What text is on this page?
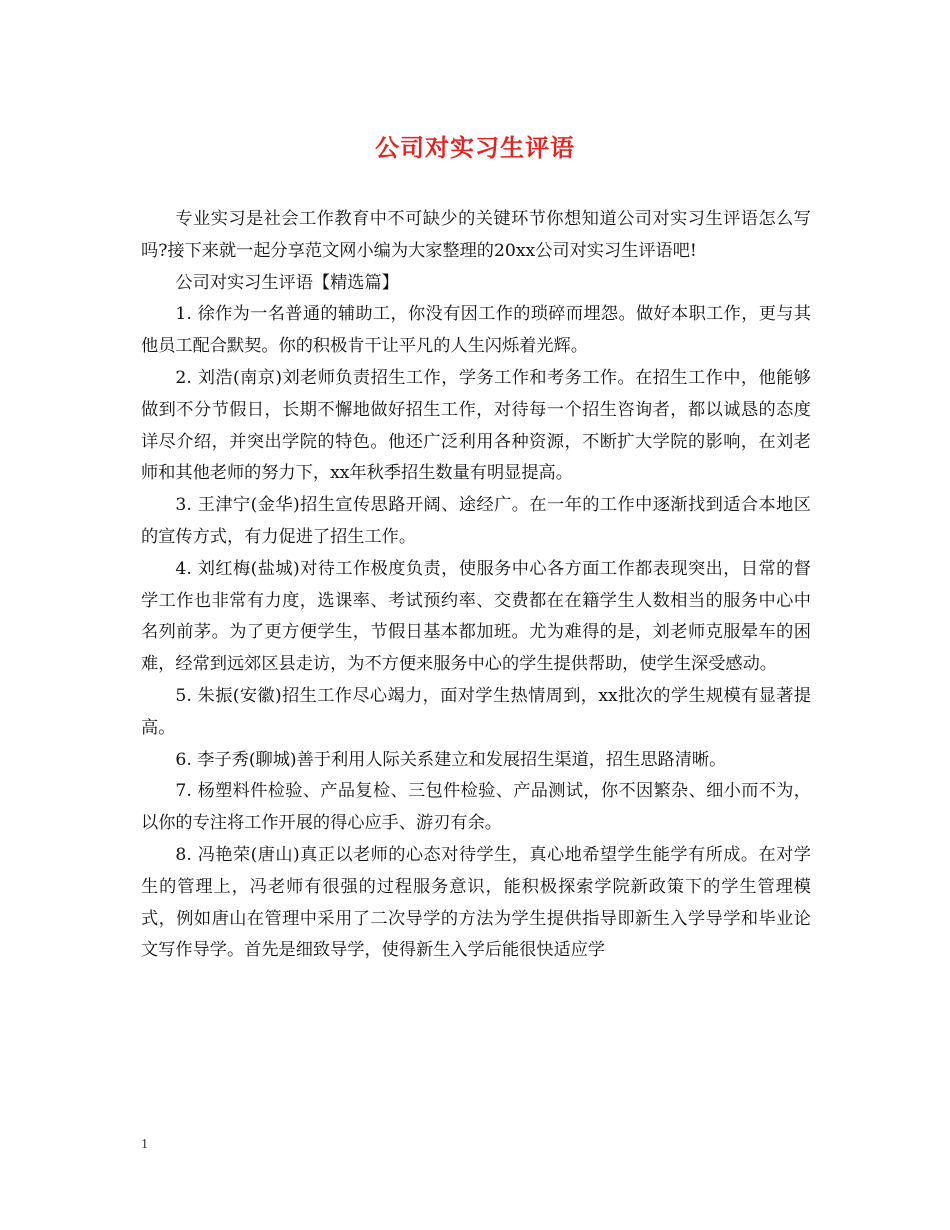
公司对实习生评语

专业实习是社会工作教育中不可缺少的关键环节你想知道公司对实习生评语怎么写吗?接下来就一起分享范文网小编为大家整理的20xx公司对实习生评语吧!

公司对实习生评语【精选篇】

1. 徐作为一名普通的辅助工，你没有因工作的琐碎而埋怨。做好本职工作，更与其他员工配合默契。你的积极肯干让平凡的人生闪烁着光辉。

2. 刘浩(南京)刘老师负责招生工作，学务工作和考务工作。在招生工作中，他能够做到不分节假日，长期不懈地做好招生工作，对待每一个招生咨询者，都以诚恳的态度详尽介绍，并突出学院的特色。他还广泛利用各种资源，不断扩大学院的影响，在刘老师和其他老师的努力下，xx年秋季招生数量有明显提高。

3. 王津宁(金华)招生宣传思路开阔、途经广。在一年的工作中逐渐找到适合本地区的宣传方式，有力促进了招生工作。

4. 刘红梅(盐城)对待工作极度负责，使服务中心各方面工作都表现突出，日常的督学工作也非常有力度，选课率、考试预约率、交费都在在籍学生人数相当的服务中心中名列前茅。为了更方便学生，节假日基本都加班。尤为难得的是，刘老师克服晕车的困难，经常到远郊区县走访，为不方便来服务中心的学生提供帮助，使学生深受感动。

5. 朱振(安徽)招生工作尽心竭力，面对学生热情周到，xx批次的学生规模有显著提高。

6. 李子秀(聊城)善于利用人际关系建立和发展招生渠道，招生思路清晰。

7. 杨塑料件检验、产品复检、三包件检验、产品测试，你不因繁杂、细小而不为，以你的专注将工作开展的得心应手、游刃有余。

8. 冯艳荣(唐山)真正以老师的心态对待学生，真心地希望学生能学有所成。在对学生的管理上，冯老师有很强的过程服务意识，能积极探索学院新政策下的学生管理模式，例如唐山在管理中采用了二次导学的方法为学生提供指导即新生入学导学和毕业论文写作导学。首先是细致导学，使得新生入学后能很快适应学

1
